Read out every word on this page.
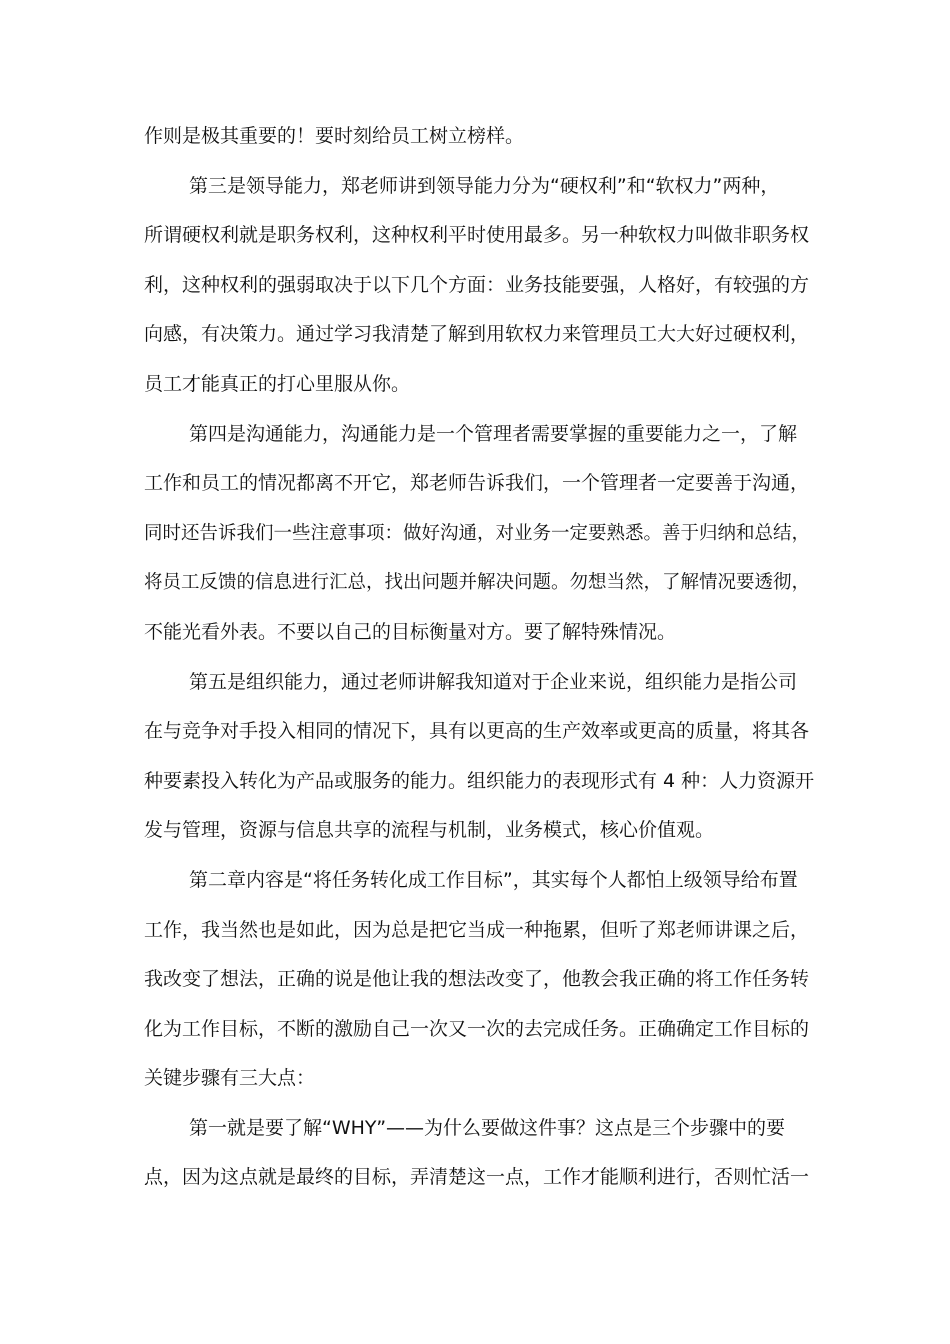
作则是极其重要的！要时刻给员工树立榜样。
第三是领导能力，郑老师讲到领导能力分为“硬权利”和“软权力”两种，
所谓硬权利就是职务权利，这种权利平时使用最多。另一种软权力叫做非职务权
利，这种权利的强弱取决于以下几个方面：业务技能要强，人格好，有较强的方
向感，有决策力。通过学习我清楚了解到用软权力来管理员工大大好过硬权利，
员工才能真正的打心里服从你。
第四是沟通能力，沟通能力是一个管理者需要掌握的重要能力之一，了解
工作和员工的情况都离不开它，郑老师告诉我们，一个管理者一定要善于沟通，
同时还告诉我们一些注意事项：做好沟通，对业务一定要熟悉。善于归纳和总结，
将员工反馈的信息进行汇总，找出问题并解决问题。勿想当然，了解情况要透彻，
不能光看外表。不要以自己的目标衡量对方。要了解特殊情况。
第五是组织能力，通过老师讲解我知道对于企业来说，组织能力是指公司
在与竞争对手投入相同的情况下，具有以更高的生产效率或更高的质量，将其各
种要素投入转化为产品或服务的能力。组织能力的表现形式有 4 种：人力资源开
发与管理，资源与信息共享的流程与机制，业务模式，核心价值观。
第二章内容是“将任务转化成工作目标”，其实每个人都怕上级领导给布置
工作，我当然也是如此，因为总是把它当成一种拖累，但听了郑老师讲课之后，
我改变了想法，正确的说是他让我的想法改变了，他教会我正确的将工作任务转
化为工作目标，不断的激励自己一次又一次的去完成任务。正确确定工作目标的
关键步骤有三大点：
第一就是要了解“WHY”——为什么要做这件事？这点是三个步骤中的要
点，因为这点就是最终的目标，弄清楚这一点，工作才能顺利进行，否则忙活一
